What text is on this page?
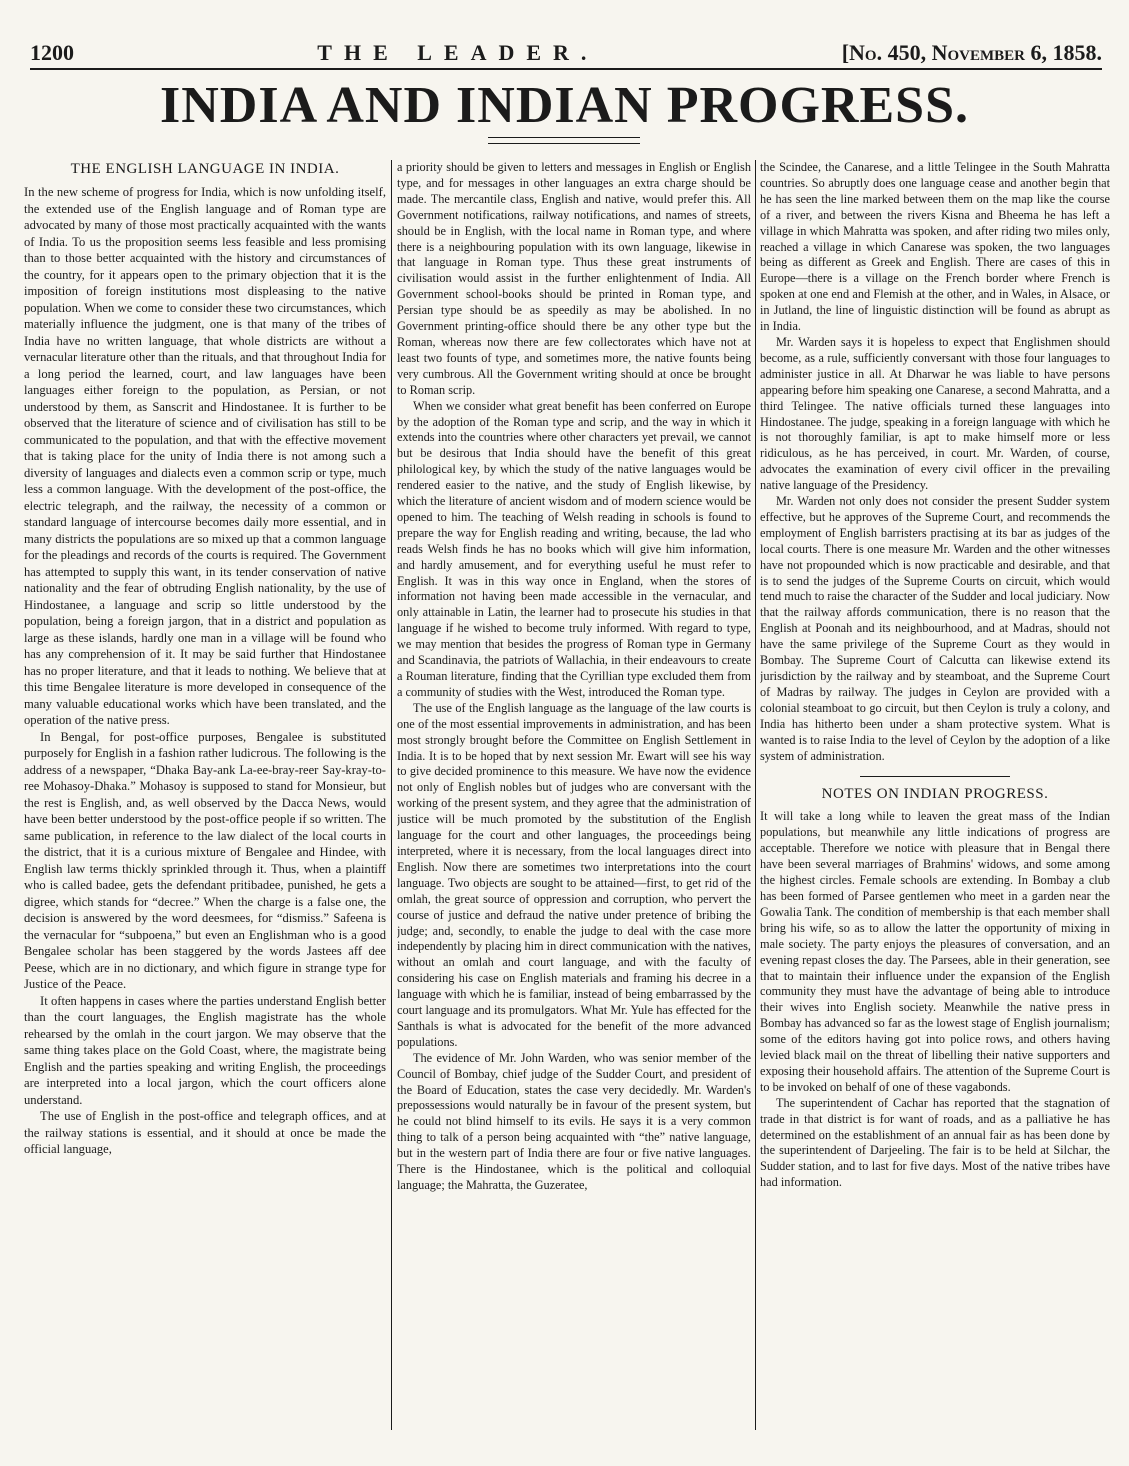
1200	THE LEADER.	[No. 450, November 6, 1858.
INDIA AND INDIAN PROGRESS.
THE ENGLISH LANGUAGE IN INDIA.

In the new scheme of progress for India, which is now unfolding itself, the extended use of the English language and of Roman type are advocated by many of those most practically acquainted with the wants of India. To us the proposition seems less feasible and less promising than to those better acquainted with the history and circumstances of the country, for it appears open to the primary objection that it is the imposition of foreign institutions most displeasing to the native population. When we come to consider these two circumstances, which materially influence the judgment, one is that many of the tribes of India have no written language, that whole districts are without a vernacular literature other than the rituals, and that throughout India for a long period the learned, court, and law languages have been languages either foreign to the population, as Persian, or not understood by them, as Sanscrit and Hindostanee. It is further to be observed that the literature of science and of civilisation has still to be communicated to the population, and that with the effective movement that is taking place for the unity of India there is not among such a diversity of languages and dialects even a common scrip or type, much less a common language. With the development of the post-office, the electric telegraph, and the railway, the necessity of a common or standard language of intercourse becomes daily more essential, and in many districts the populations are so mixed up that a common language for the pleadings and records of the courts is required. The Government has attempted to supply this want, in its tender conservation of native nationality and the fear of obtruding English nationality, by the use of Hindostanee, a language and scrip so little understood by the population, being a foreign jargon, that in a district and population as large as these islands, hardly one man in a village will be found who has any comprehension of it. It may be said further that Hindostanee has no proper literature, and that it leads to nothing. We believe that at this time Bengalee literature is more developed in consequence of the many valuable educational works which have been translated, and the operation of the native press.

In Bengal, for post-office purposes, Bengalee is substituted purposely for English in a fashion rather ludicrous. The following is the address of a newspaper, “Dhaka Bay-ank La-ee-bray-reer Say-kray-to-ree Mohasoy-Dhaka.” Mohasoy is supposed to stand for Monsieur, but the rest is English, and, as well observed by the Dacca News, would have been better understood by the post-office people if so written. The same publication, in reference to the law dialect of the local courts in the district, that it is a curious mixture of Bengalee and Hindee, with English law terms thickly sprinkled through it. Thus, when a plaintiff who is called badee, gets the defendant pritibadee, punished, he gets a digree, which stands for “decree.” When the charge is a false one, the decision is answered by the word deesmees, for “dismiss.” Safeena is the vernacular for “subpoena,” but even an Englishman who is a good Bengalee scholar has been staggered by the words Jastees aff dee Peese, which are in no dictionary, and which figure in strange type for Justice of the Peace.

It often happens in cases where the parties understand English better than the court languages, the English magistrate has the whole rehearsed by the omlah in the court jargon. We may observe that the same thing takes place on the Gold Coast, where, the magistrate being English and the parties speaking and writing English, the proceedings are interpreted into a local jargon, which the court officers alone understand.

The use of English in the post-office and telegraph offices, and at the railway stations is essential, and it should at once be made the official language,

a priority should be given to letters and messages in English or English type, and for messages in other languages an extra charge should be made. The mercantile class, English and native, would prefer this. All Government notifications, railway notifications, and names of streets, should be in English, with the local name in Roman type, and where there is a neighbouring population with its own language, likewise in that language in Roman type. Thus these great instruments of civilisation would assist in the further enlightenment of India. All Government school-books should be printed in Roman type, and Persian type should be as speedily as may be abolished. In no Government printing-office should there be any other type but the Roman, whereas now there are few collectorates which have not at least two founts of type, and sometimes more, the native founts being very cumbrous. All the Government writing should at once be brought to Roman scrip.

When we consider what great benefit has been conferred on Europe by the adoption of the Roman type and scrip, and the way in which it extends into the countries where other characters yet prevail, we cannot but be desirous that India should have the benefit of this great philological key, by which the study of the native languages would be rendered easier to the native, and the study of English likewise, by which the literature of ancient wisdom and of modern science would be opened to him. The teaching of Welsh reading in schools is found to prepare the way for English reading and writing, because, the lad who reads Welsh finds he has no books which will give him information, and hardly amusement, and for everything useful he must refer to English. It was in this way once in England, when the stores of information not having been made accessible in the vernacular, and only attainable in Latin, the learner had to prosecute his studies in that language if he wished to become truly informed. With regard to type, we may mention that besides the progress of Roman type in Germany and Scandinavia, the patriots of Wallachia, in their endeavours to create a Rouman literature, finding that the Cyrillian type excluded them from a community of studies with the West, introduced the Roman type.

The use of the English language as the language of the law courts is one of the most essential improvements in administration, and has been most strongly brought before the Committee on English Settlement in India. It is to be hoped that by next session Mr. Ewart will see his way to give decided prominence to this measure. We have now the evidence not only of English nobles but of judges who are conversant with the working of the present system, and they agree that the administration of justice will be much promoted by the substitution of the English language for the court and other languages, the proceedings being interpreted, where it is necessary, from the local languages direct into English. Now there are sometimes two interpretations into the court language. Two objects are sought to be attained—first, to get rid of the omlah, the great source of oppression and corruption, who pervert the course of justice and defraud the native under pretence of bribing the judge; and, secondly, to enable the judge to deal with the case more independently by placing him in direct communication with the natives, without an omlah and court language, and with the faculty of considering his case on English materials and framing his decree in a language with which he is familiar, instead of being embarrassed by the court language and its promulgators. What Mr. Yule has effected for the Santhals is what is advocated for the benefit of the more advanced populations.

The evidence of Mr. John Warden, who was senior member of the Council of Bombay, chief judge of the Sudder Court, and president of the Board of Education, states the case very decidedly. Mr. Warden's prepossessions would naturally be in favour of the present system, but he could not blind himself to its evils. He says it is a very common thing to talk of a person being acquainted with “the” native language, but in the western part of India there are four or five native languages. There is the Hindostanee, which is the political and colloquial language; the Mahratta, the Guzeratee,

the Scindee, the Canarese, and a little Telingee in the South Mahratta countries. So abruptly does one language cease and another begin that he has seen the line marked between them on the map like the course of a river, and between the rivers Kisna and Bheema he has left a village in which Mahratta was spoken, and after riding two miles only, reached a village in which Canarese was spoken, the two languages being as different as Greek and English. There are cases of this in Europe—there is a village on the French border where French is spoken at one end and Flemish at the other, and in Wales, in Alsace, or in Jutland, the line of linguistic distinction will be found as abrupt as in India.

Mr. Warden says it is hopeless to expect that Englishmen should become, as a rule, sufficiently conversant with those four languages to administer justice in all. At Dharwar he was liable to have persons appearing before him speaking one Canarese, a second Mahratta, and a third Telingee. The native officials turned these languages into Hindostanee. The judge, speaking in a foreign language with which he is not thoroughly familiar, is apt to make himself more or less ridiculous, as he has perceived, in court. Mr. Warden, of course, advocates the examination of every civil officer in the prevailing native language of the Presidency.

Mr. Warden not only does not consider the present Sudder system effective, but he approves of the Supreme Court, and recommends the employment of English barristers practising at its bar as judges of the local courts. There is one measure Mr. Warden and the other witnesses have not propounded which is now practicable and desirable, and that is to send the judges of the Supreme Courts on circuit, which would tend much to raise the character of the Sudder and local judiciary. Now that the railway affords communication, there is no reason that the English at Poonah and its neighbourhood, and at Madras, should not have the same privilege of the Supreme Court as they would in Bombay. The Supreme Court of Calcutta can likewise extend its jurisdiction by the railway and by steamboat, and the Supreme Court of Madras by railway. The judges in Ceylon are provided with a colonial steamboat to go circuit, but then Ceylon is truly a colony, and India has hitherto been under a sham protective system. What is wanted is to raise India to the level of Ceylon by the adoption of a like system of administration.

NOTES ON INDIAN PROGRESS.

It will take a long while to leaven the great mass of the Indian populations, but meanwhile any little indications of progress are acceptable. Therefore we notice with pleasure that in Bengal there have been several marriages of Brahmins' widows, and some among the highest circles. Female schools are extending. In Bombay a club has been formed of Parsee gentlemen who meet in a garden near the Gowalia Tank. The condition of membership is that each member shall bring his wife, so as to allow the latter the opportunity of mixing in male society. The party enjoys the pleasures of conversation, and an evening repast closes the day. The Parsees, able in their generation, see that to maintain their influence under the expansion of the English community they must have the advantage of being able to introduce their wives into English society. Meanwhile the native press in Bombay has advanced so far as the lowest stage of English journalism; some of the editors having got into police rows, and others having levied black mail on the threat of libelling their native supporters and exposing their household affairs. The attention of the Supreme Court is to be invoked on behalf of one of these vagabonds.

The superintendent of Cachar has reported that the stagnation of trade in that district is for want of roads, and as a palliative he has determined on the establishment of an annual fair as has been done by the superintendent of Darjeeling. The fair is to be held at Silchar, the Sudder station, and to last for five days. Most of the native tribes have had information.
